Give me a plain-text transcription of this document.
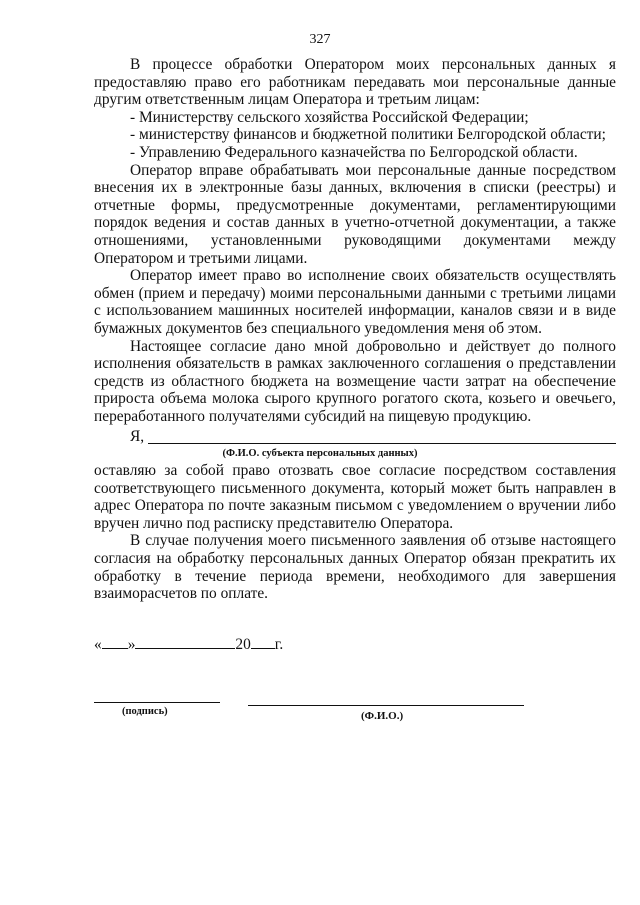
327

В процессе обработки Оператором моих персональных данных я предоставляю право его работникам передавать мои персональные данные другим ответственным лицам Оператора и третьим лицам:

- Министерству сельского хозяйства Российской Федерации;

- министерству финансов и бюджетной политики Белгородской области;

- Управлению Федерального казначейства по Белгородской области.

Оператор вправе обрабатывать мои персональные данные посредством внесения их в электронные базы данных, включения в списки (реестры) и отчетные формы, предусмотренные документами, регламентирующими порядок ведения и состав данных в учетно-отчетной документации, а также отношениями, установленными руководящими документами между Оператором и третьими лицами.

Оператор имеет право во исполнение своих обязательств осуществлять обмен (прием и передачу) моими персональными данными с третьими лицами с использованием машинных носителей информации, каналов связи и в виде бумажных документов без специального уведомления меня об этом.

Настоящее согласие дано мной добровольно и действует до полного исполнения обязательств в рамках заключенного соглашения о представлении средств из областного бюджета на возмещение части затрат на обеспечение прироста объема молока сырого крупного рогатого скота, козьего и овечьего, переработанного получателями субсидий на пищевую продукцию.

Я,
(Ф.И.О. субъекта персональных данных)

оставляю за собой право отозвать свое согласие посредством составления соответствующего письменного документа, который может быть направлен в адрес Оператора по почте заказным письмом с уведомлением о вручении либо вручен лично под расписку представителю Оператора.

В случае получения моего письменного заявления об отзыве настоящего согласия на обработку персональных данных Оператор обязан прекратить их обработку в течение периода времени, необходимого для завершения взаиморасчетов по оплате.

« »	20 г.
(подпись)	(Ф.И.О.)
